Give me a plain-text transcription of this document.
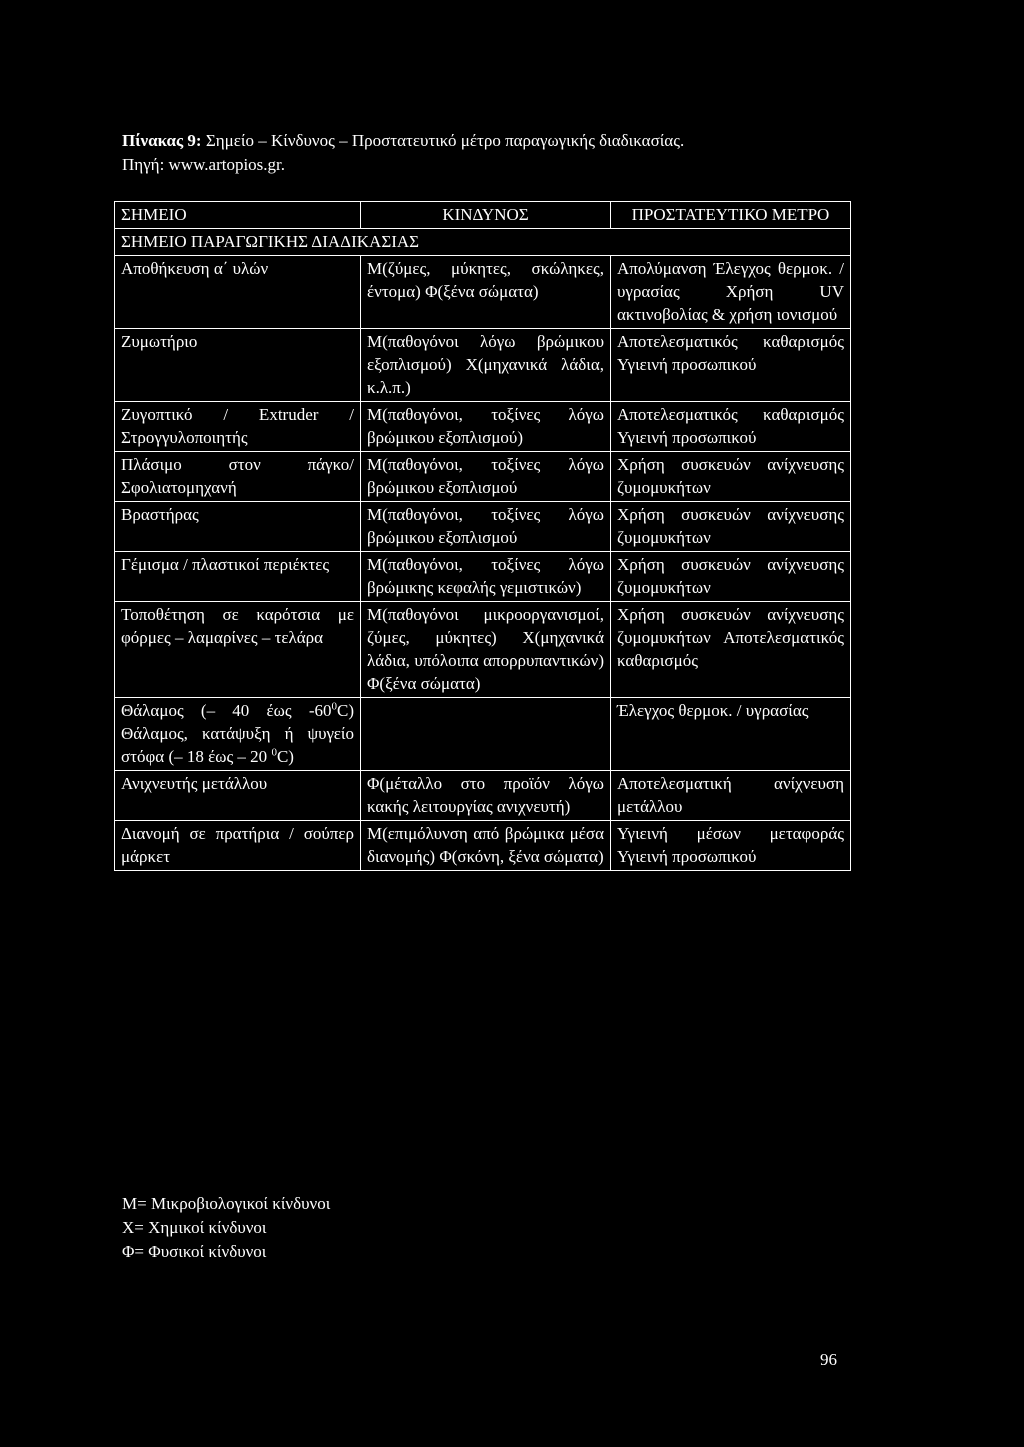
Πίνακας 9: Σημείο – Κίνδυνος – Προστατευτικό μέτρο παραγωγικής διαδικασίας.
Πηγή: www.artopios.gr.
ΣΗΜΕΙΟ	ΚΙΝΔΥΝΟΣ	ΠΡΟΣΤΑΤΕΥΤΙΚΟ ΜΕΤΡΟ
ΣΗΜΕΙΟ ΠΑΡΑΓΩΓΙΚΗΣ ΔΙΑΔΙΚΑΣΙΑΣ		
Αποθήκευση α΄ υλών	Μ(ζύμες, μύκητες, σκώληκες, έντομα) Φ(ξένα σώματα)	Απολύμανση Έλεγχος θερμοκ. / υγρασίας Χρήση UV ακτινοβολίας & χρήση ιονισμού
Ζυμωτήριο	Μ(παθογόνοι λόγω βρώμικου εξοπλισμού) Χ(μηχανικά λάδια, κ.λ.π.)	Αποτελεσματικός καθαρισμός Υγιεινή προσωπικού
Ζυγοπτικό / Extruder / Στρογγυλοποιητής	Μ(παθογόνοι, τοξίνες λόγω βρώμικου εξοπλισμού)	Αποτελεσματικός καθαρισμός Υγιεινή προσωπικού
Πλάσιμο στον πάγκο/ Σφολιατομηχανή	Μ(παθογόνοι, τοξίνες λόγω βρώμικου εξοπλισμού	Χρήση συσκευών ανίχνευσης ζυμομυκήτων
Βραστήρας	Μ(παθογόνοι, τοξίνες λόγω βρώμικου εξοπλισμού	Χρήση συσκευών ανίχνευσης ζυμομυκήτων
Γέμισμα / πλαστικοί περιέκτες	Μ(παθογόνοι, τοξίνες λόγω βρώμικης κεφαλής γεμιστικών)	Χρήση συσκευών ανίχνευσης ζυμομυκήτων
Τοποθέτηση σε καρότσια με φόρμες – λαμαρίνες – τελάρα	Μ(παθογόνοι μικροοργανισμοί, ζύμες, μύκητες) Χ(μηχανικά λάδια, υπόλοιπα απορρυπαντικών) Φ(ξένα σώματα)	Χρήση συσκευών ανίχνευσης ζυμομυκήτων Αποτελεσματικός καθαρισμός
Θάλαμος (– 40 έως $-60^0C$) Θάλαμος, κατάψυξη ή ψυγείο στόφα (– 18 έως – 20 $^0$C)		Έλεγχος θερμοκ. / υγρασίας
Ανιχνευτής μετάλλου	Φ(μέταλλο στο προϊόν λόγω κακής λειτουργίας ανιχνευτή)	Αποτελεσματική ανίχνευση μετάλλου
Διανομή σε πρατήρια / σούπερ μάρκετ	Μ(επιμόλυνση από βρώμικα μέσα διανομής) Φ(σκόνη, ξένα σώματα)	Υγιεινή μέσων μεταφοράς Υγιεινή προσωπικού
Μ= Μικροβιολογικοί κίνδυνοι
Χ= Χημικοί κίνδυνοι
Φ= Φυσικοί κίνδυνοι
96
